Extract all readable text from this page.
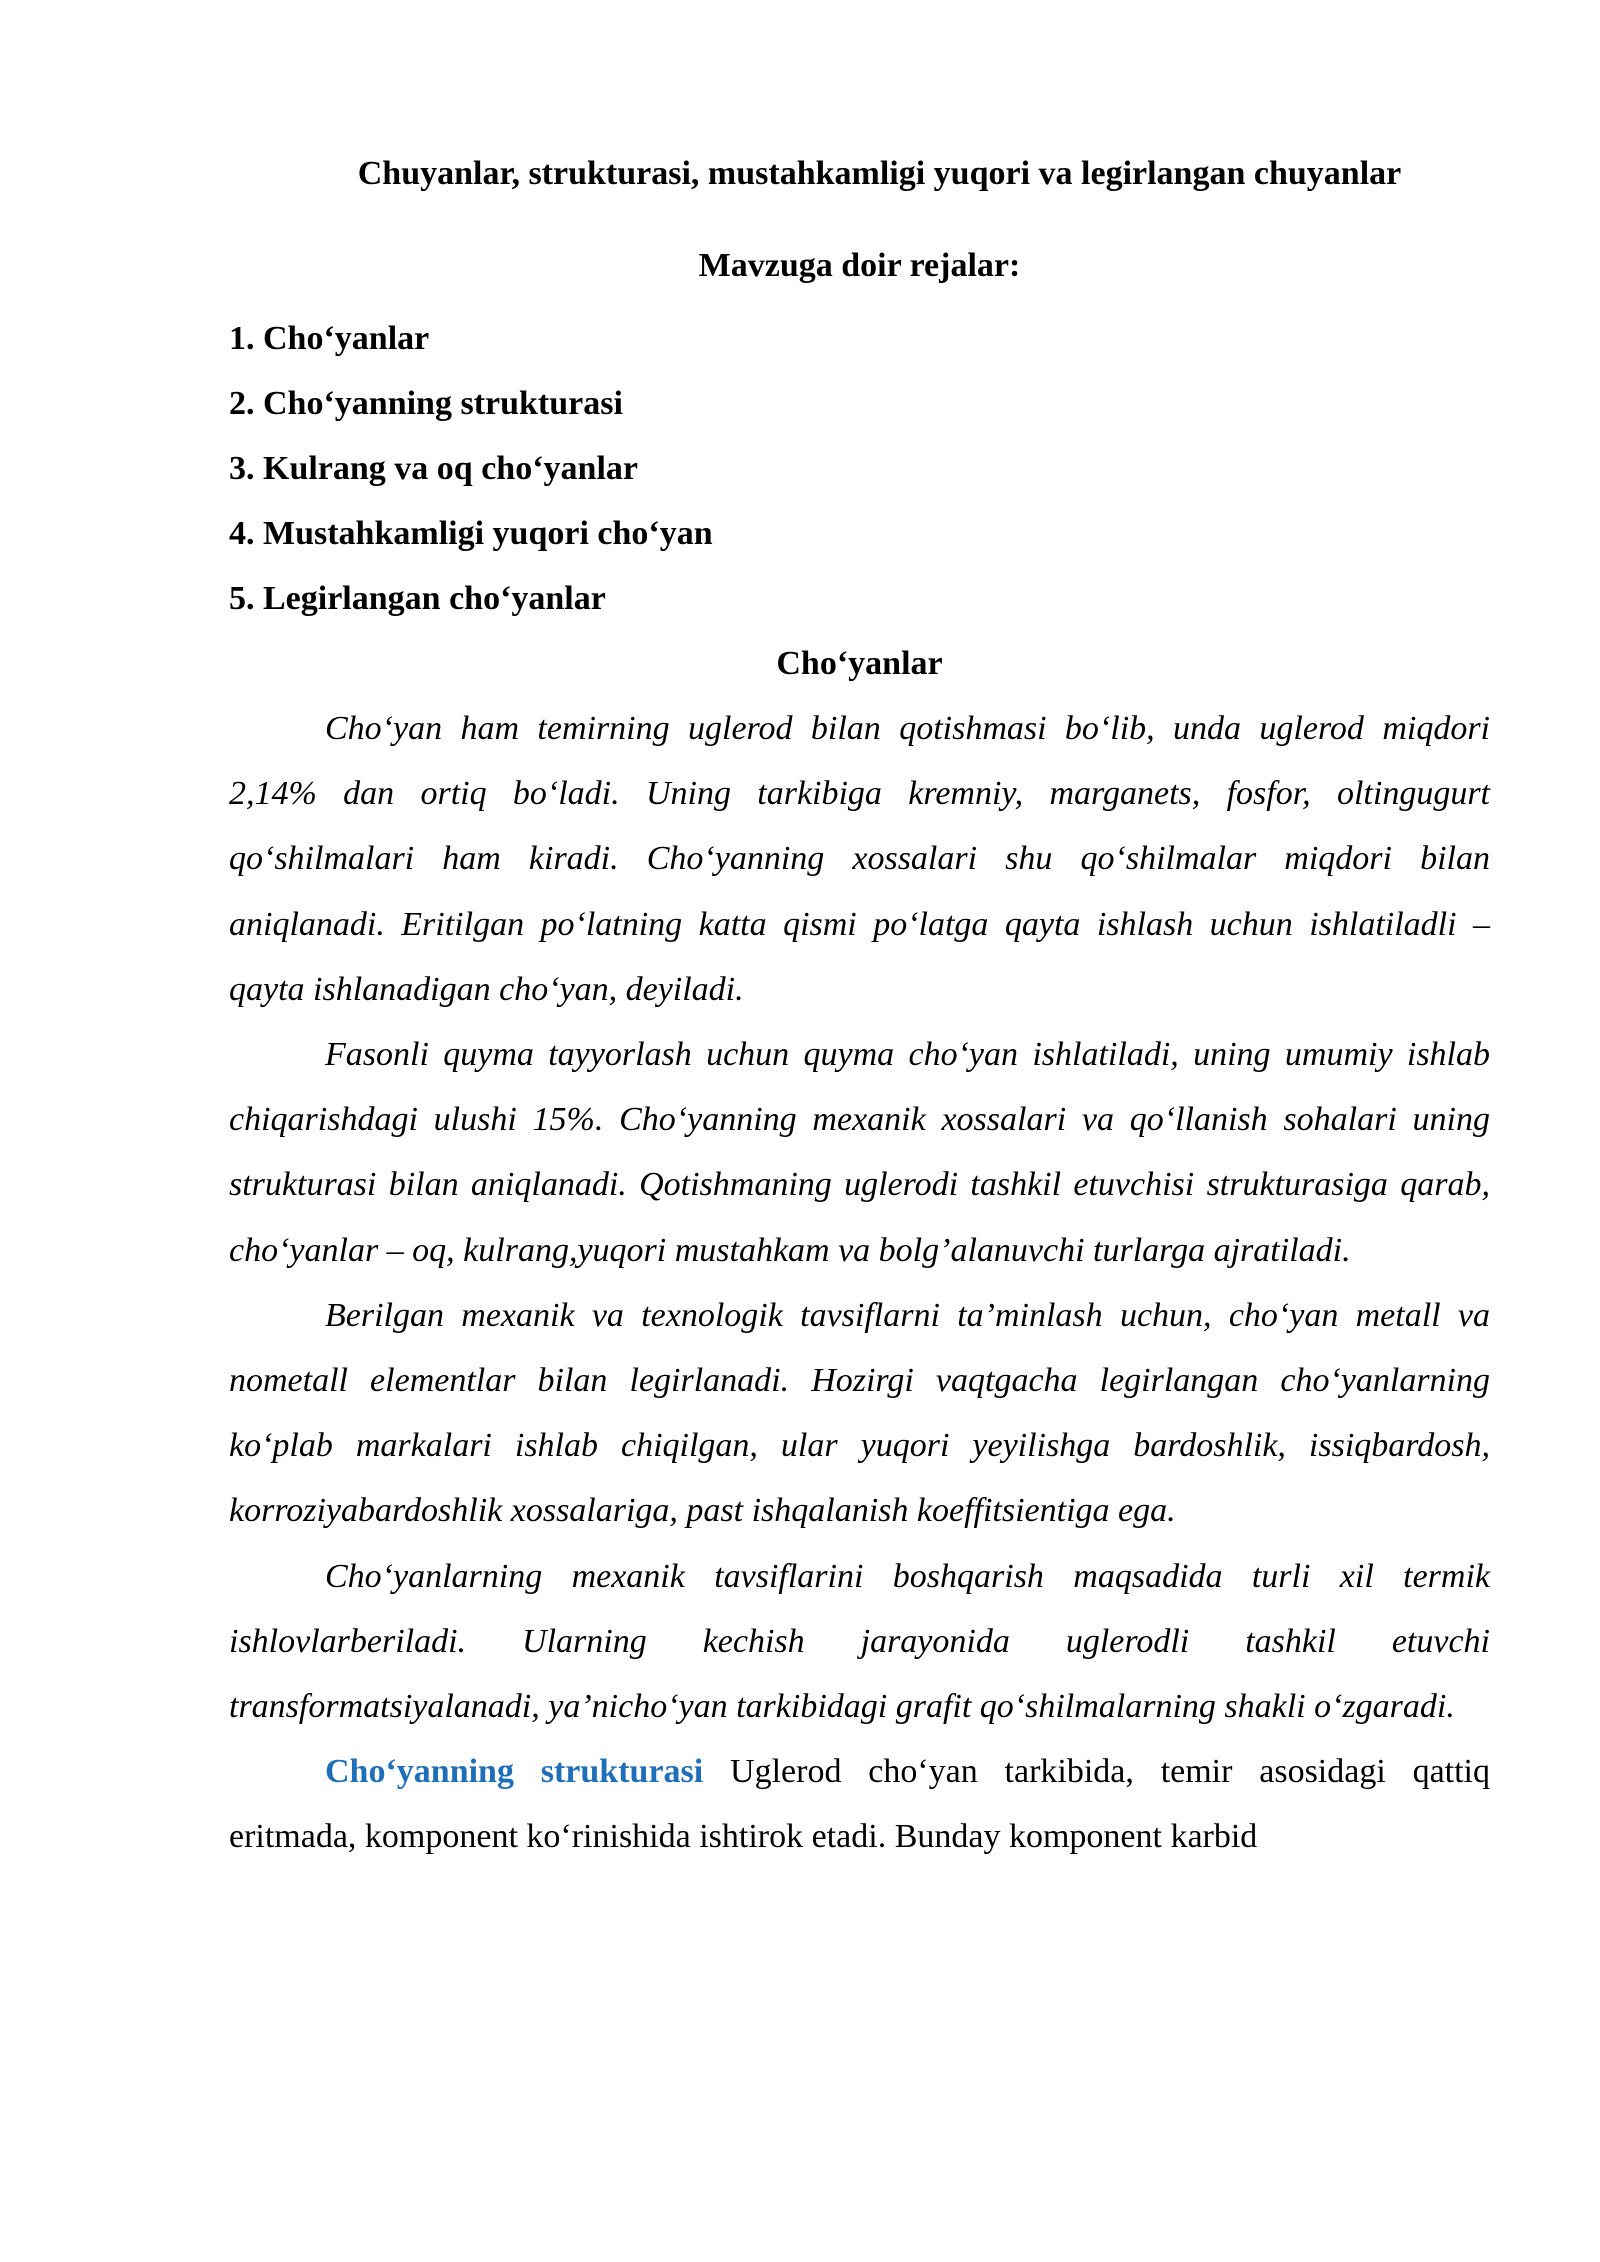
Chuyanlar, strukturasi, mustahkamligi yuqori va legirlangan chuyanlar
Mavzuga doir rejalar:
1. Cho‘yanlar
2. Cho‘yanning strukturasi
3. Kulrang va oq cho‘yanlar
4. Mustahkamligi yuqori cho‘yan
5. Legirlangan cho‘yanlar
Cho‘yanlar

Cho‘yan ham temirning uglerod bilan qotishmasi bo‘lib, unda uglerod miqdori 2,14% dan ortiq bo‘ladi. Uning tarkibiga kremniy, marganets, fosfor, oltingugurt qo‘shilmalari ham kiradi. Cho‘yanning xossalari shu qo‘shilmalar miqdori bilan aniqlanadi. Eritilgan po‘latning katta qismi po‘latga qayta ishlash uchun ishlatiladli – qayta ishlanadigan cho‘yan, deyiladi.

Fasonli quyma tayyorlash uchun quyma cho‘yan ishlatiladi, uning umumiy ishlab chiqarishdagi ulushi 15%. Cho‘yanning mexanik xossalari va qo‘llanish sohalari uning strukturasi bilan aniqlanadi. Qotishmaning uglerodi tashkil etuvchisi strukturasiga qarab, cho‘yanlar – oq, kulrang,yuqori mustahkam va bolg’alanuvchi turlarga ajratiladi.

Berilgan mexanik va texnologik tavsiflarni ta’minlash uchun, cho‘yan metall va nometall elementlar bilan legirlanadi. Hozirgi vaqtgacha legirlangan cho‘yanlarning ko‘plab markalari ishlab chiqilgan, ular yuqori yeyilishga bardoshlik, issiqbardosh, korroziyabardoshlik xossalariga, past ishqalanish koeffitsientiga ega.

Cho‘yanlarning mexanik tavsiflarini boshqarish maqsadida turli xil termik ishlovlarberiladi. Ularning kechish jarayonida uglerodli tashkil etuvchi transformatsiyalanadi, ya’nicho‘yan tarkibidagi grafit qo‘shilmalarning shakli o‘zgaradi.

Cho‘yanning strukturasi Uglerod cho‘yan tarkibida, temir asosidagi qattiq eritmada, komponent ko‘rinishida ishtirok etadi. Bunday komponent karbid
